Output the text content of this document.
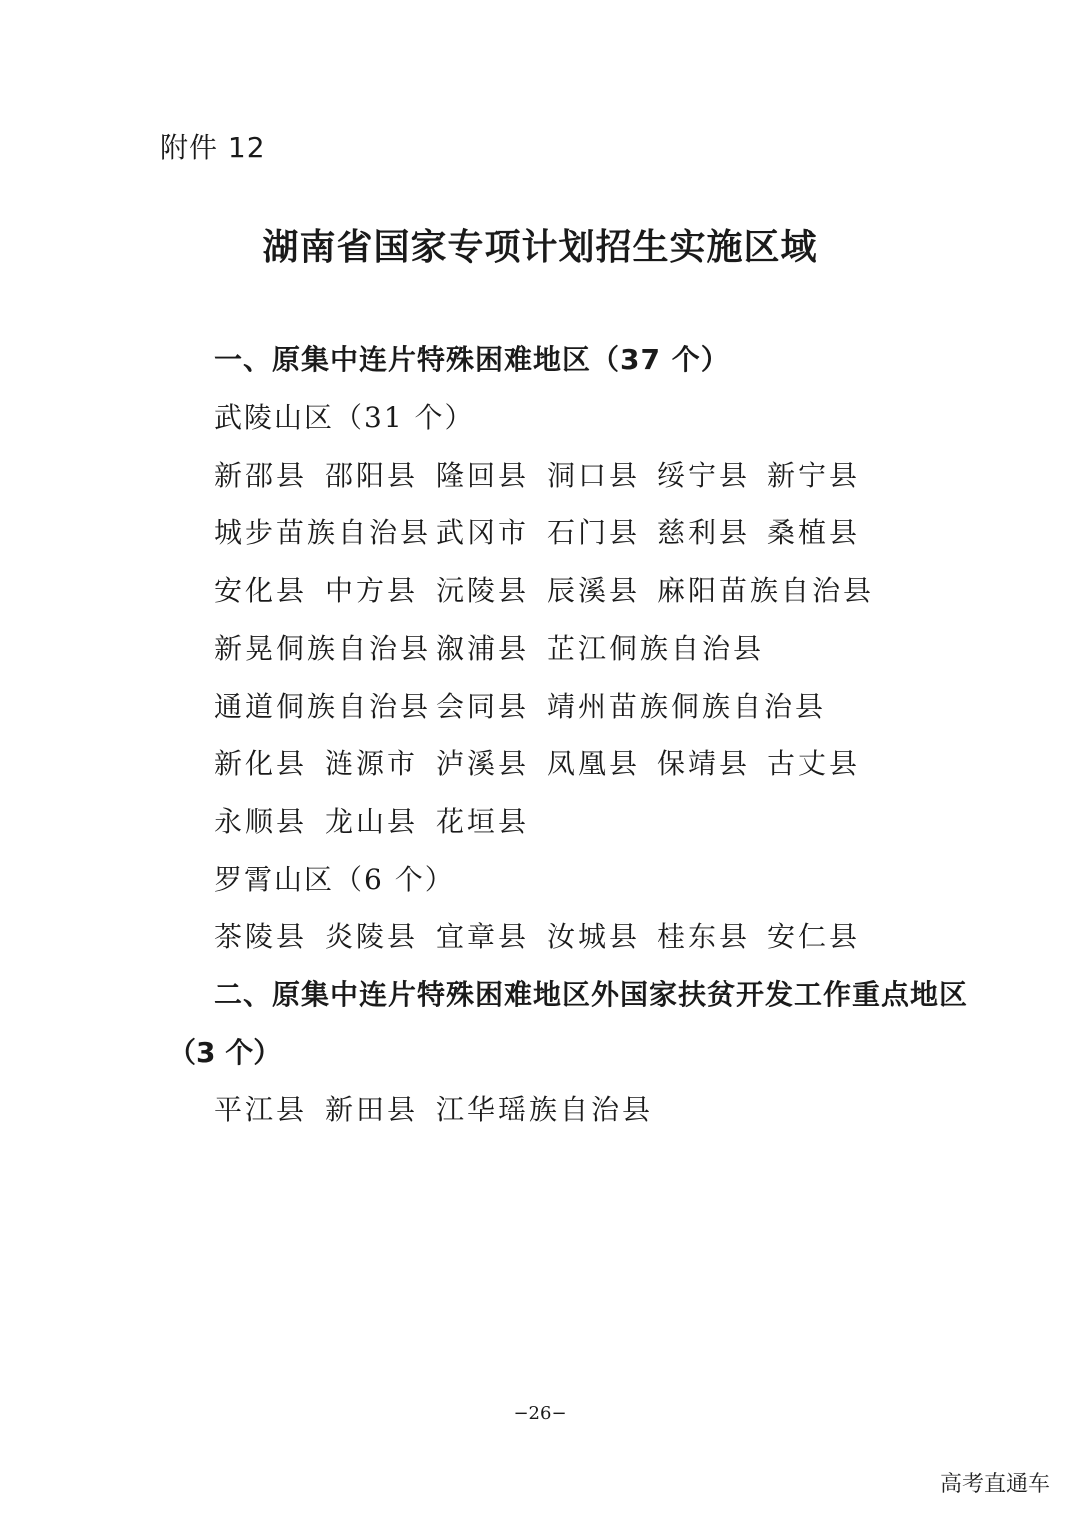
附件 12
湖南省国家专项计划招生实施区域
一、原集中连片特殊困难地区（37 个）
武陵山区（31 个）
新邵县 邵阳县 隆回县 洞口县 绥宁县 新宁县
城步苗族自治县 武冈市 石门县 慈利县 桑植县
安化县 中方县 沅陵县 辰溪县 麻阳苗族自治县
新晃侗族自治县 溆浦县 芷江侗族自治县
通道侗族自治县 会同县 靖州苗族侗族自治县
新化县 涟源市 泸溪县 凤凰县 保靖县 古丈县
永顺县 龙山县 花垣县
罗霄山区（6 个）
茶陵县 炎陵县 宜章县 汝城县 桂东县 安仁县
二、原集中连片特殊困难地区外国家扶贫开发工作重点地区
（3 个）
平江县 新田县 江华瑶族自治县
−26−
高考直通车
